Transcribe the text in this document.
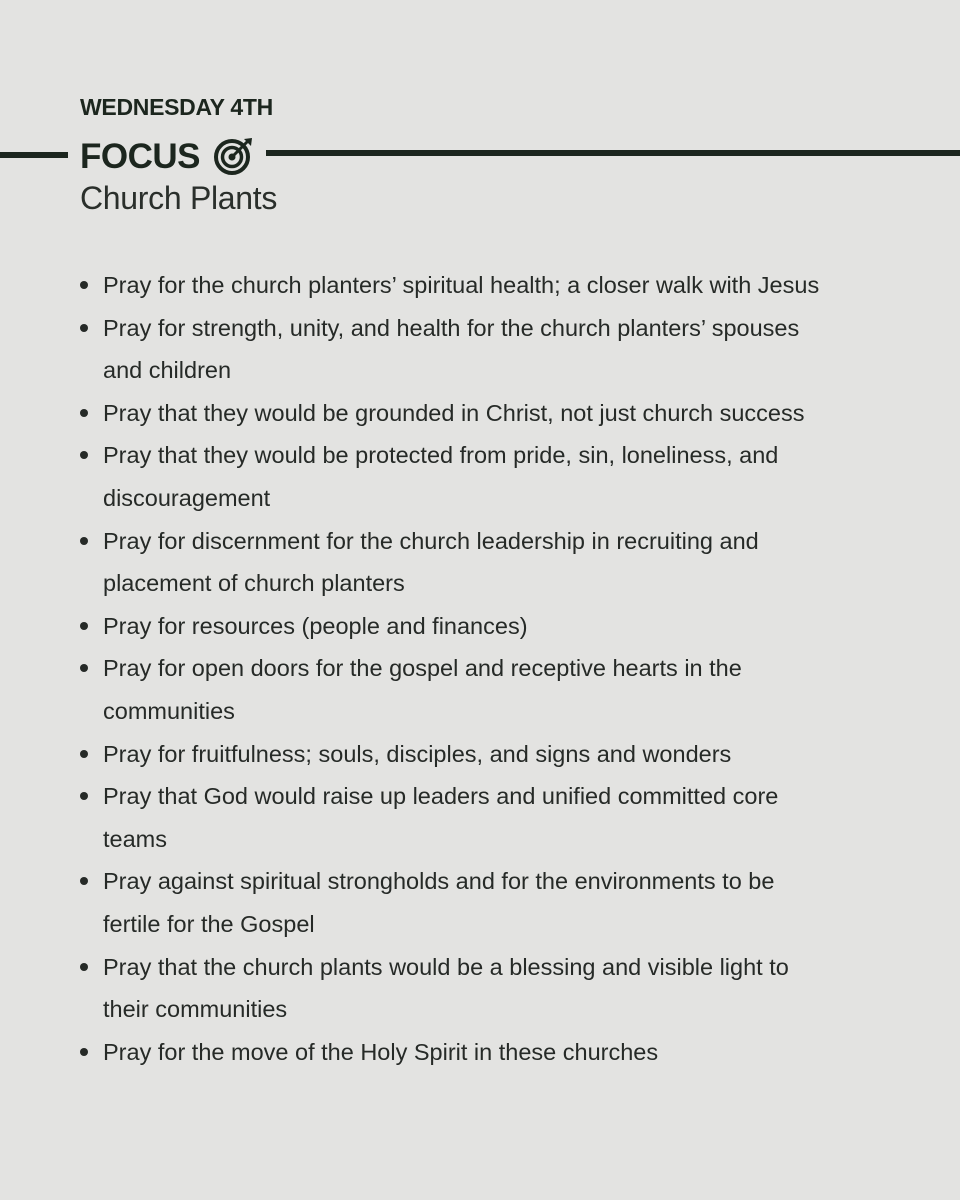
WEDNESDAY 4TH
FOCUS
Church Plants
Pray for the church planters’ spiritual health; a closer walk with Jesus
Pray for strength, unity, and health for the church planters’ spouses
and children
Pray that they would be grounded in Christ, not just church success
Pray that they would be protected from pride, sin, loneliness, and
discouragement
Pray for discernment for the church leadership in recruiting and
placement of church planters
Pray for resources (people and finances)
Pray for open doors for the gospel and receptive hearts in the
communities
Pray for fruitfulness; souls, disciples, and signs and wonders
Pray that God would raise up leaders and unified committed core
teams
Pray against spiritual strongholds and for the environments to be
fertile for the Gospel
Pray that the church plants would be a blessing and visible light to
their communities
Pray for the move of the Holy Spirit in these churches
